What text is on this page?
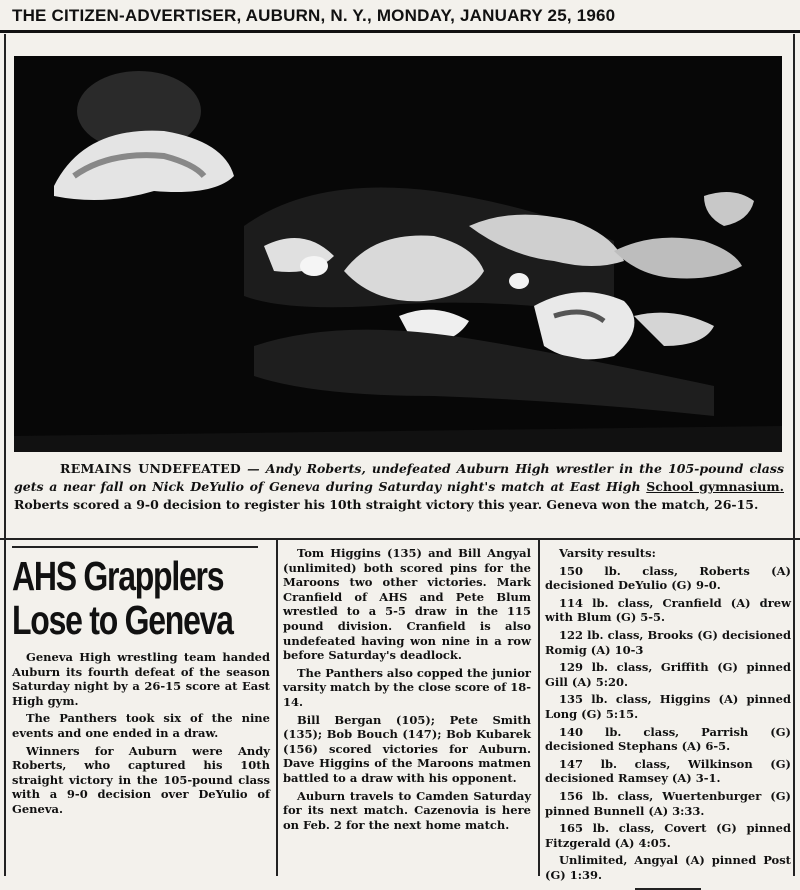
THE CITIZEN-ADVERTISER, AUBURN, N. Y., MONDAY, JANUARY 25, 1960
REMAINS UNDEFEATED — Andy Roberts, undefeated Auburn High wrestler in the 105-pound class gets a near fall on Nick DeYulio of Geneva during Saturday night's match at East High School gymnasium. Roberts scored a 9-0 decision to register his 10th straight victory this year. Geneva won the match, 26-15.
AHS Grapplers
Lose to Geneva

Geneva High wrestling team handed Auburn its fourth defeat of the season Saturday night by a 26-15 score at East High gym.

The Panthers took six of the nine events and one ended in a draw.

Winners for Auburn were Andy Roberts, who captured his 10th straight victory in the 105-pound class with a 9-0 decision over DeYulio of Geneva.

Tom Higgins (135) and Bill Angyal (unlimited) both scored pins for the Maroons two other victories. Mark Cranfield of AHS and Pete Blum wrestled to a 5-5 draw in the 115 pound division. Cranfield is also undefeated having won nine in a row before Saturday's deadlock.

The Panthers also copped the junior varsity match by the close score of 18-14.

Bill Bergan (105); Pete Smith (135); Bob Bouch (147); Bob Kubarek (156) scored victories for Auburn. Dave Higgins of the Maroons matmen battled to a draw with his opponent.

Auburn travels to Camden Saturday for its next match. Cazenovia is here on Feb. 2 for the next home match.

Varsity results:

150 lb. class, Roberts (A) decisioned DeYulio (G) 9-0.

114 lb. class, Cranfield (A) drew with Blum (G) 5-5.

122 lb. class, Brooks (G) decisioned Romig (A) 10-3

129 lb. class, Griffith (G) pinned Gill (A) 5:20.

135 lb. class, Higgins (A) pinned Long (G) 5:15.

140 lb. class, Parrish (G) decisioned Stephans (A) 6-5.

147 lb. class, Wilkinson (G) decisioned Ramsey (A) 3-1.

156 lb. class, Wuertenburger (G) pinned Bunnell (A) 3:33.

165 lb. class, Covert (G) pinned Fitzgerald (A) 4:05.

Unlimited, Angyal (A) pinned Post (G) 1:39.
